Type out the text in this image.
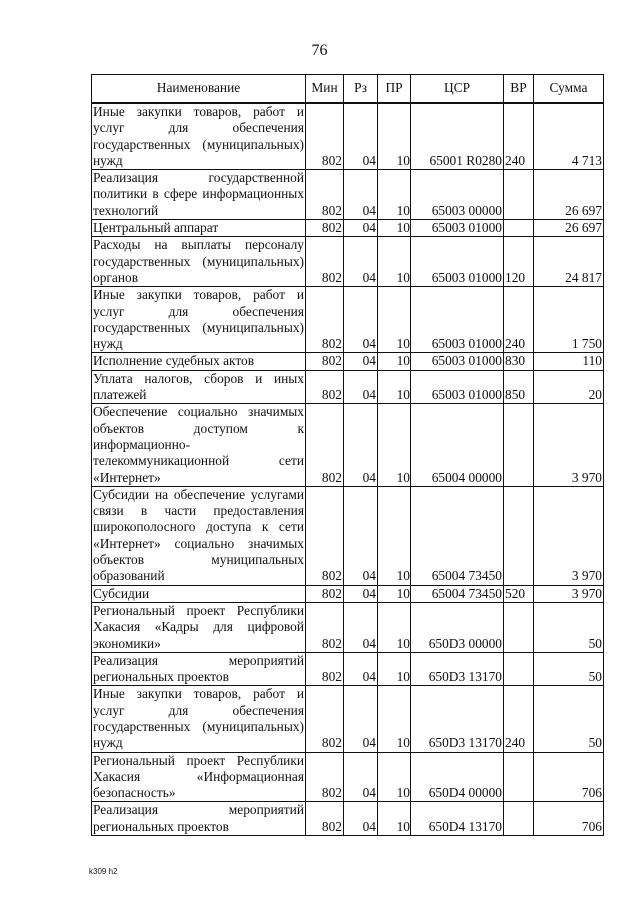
76
Наименование	Мин	Рз	ПР	ЦСР	ВР	Сумма
Иные закупки товаров, работ и услуг для обеспечения государственных (муниципальных) нужд	802	04	10	65001 R0280	240	4 713
Реализация государственной политики в сфере информационных технологий	802	04	10	65003 00000		26 697
Центральный аппарат	802	04	10	65003 01000		26 697
Расходы на выплаты персоналу государственных (муниципальных) органов	802	04	10	65003 01000	120	24 817
Иные закупки товаров, работ и услуг для обеспечения государственных (муниципальных) нужд	802	04	10	65003 01000	240	1 750
Исполнение судебных актов	802	04	10	65003 01000	830	110
Уплата налогов, сборов и иных платежей	802	04	10	65003 01000	850	20
Обеспечение социально значимых объектов доступом к информационно-телекоммуникационной сети «Интернет»	802	04	10	65004 00000		3 970
Субсидии на обеспечение услугами связи в части предоставления широкополосного доступа к сети «Интернет» социально значимых объектов муниципальных образований	802	04	10	65004 73450		3 970
Субсидии	802	04	10	65004 73450	520	3 970
Региональный проект Республики Хакасия «Кадры для цифровой экономики»	802	04	10	650D3 00000		50
Реализация мероприятий региональных проектов	802	04	10	650D3 13170		50
Иные закупки товаров, работ и услуг для обеспечения государственных (муниципальных) нужд	802	04	10	650D3 13170	240	50
Региональный проект Республики Хакасия «Информационная безопасность»	802	04	10	650D4 00000		706
Реализация мероприятий региональных проектов	802	04	10	650D4 13170		706
k309 h2
